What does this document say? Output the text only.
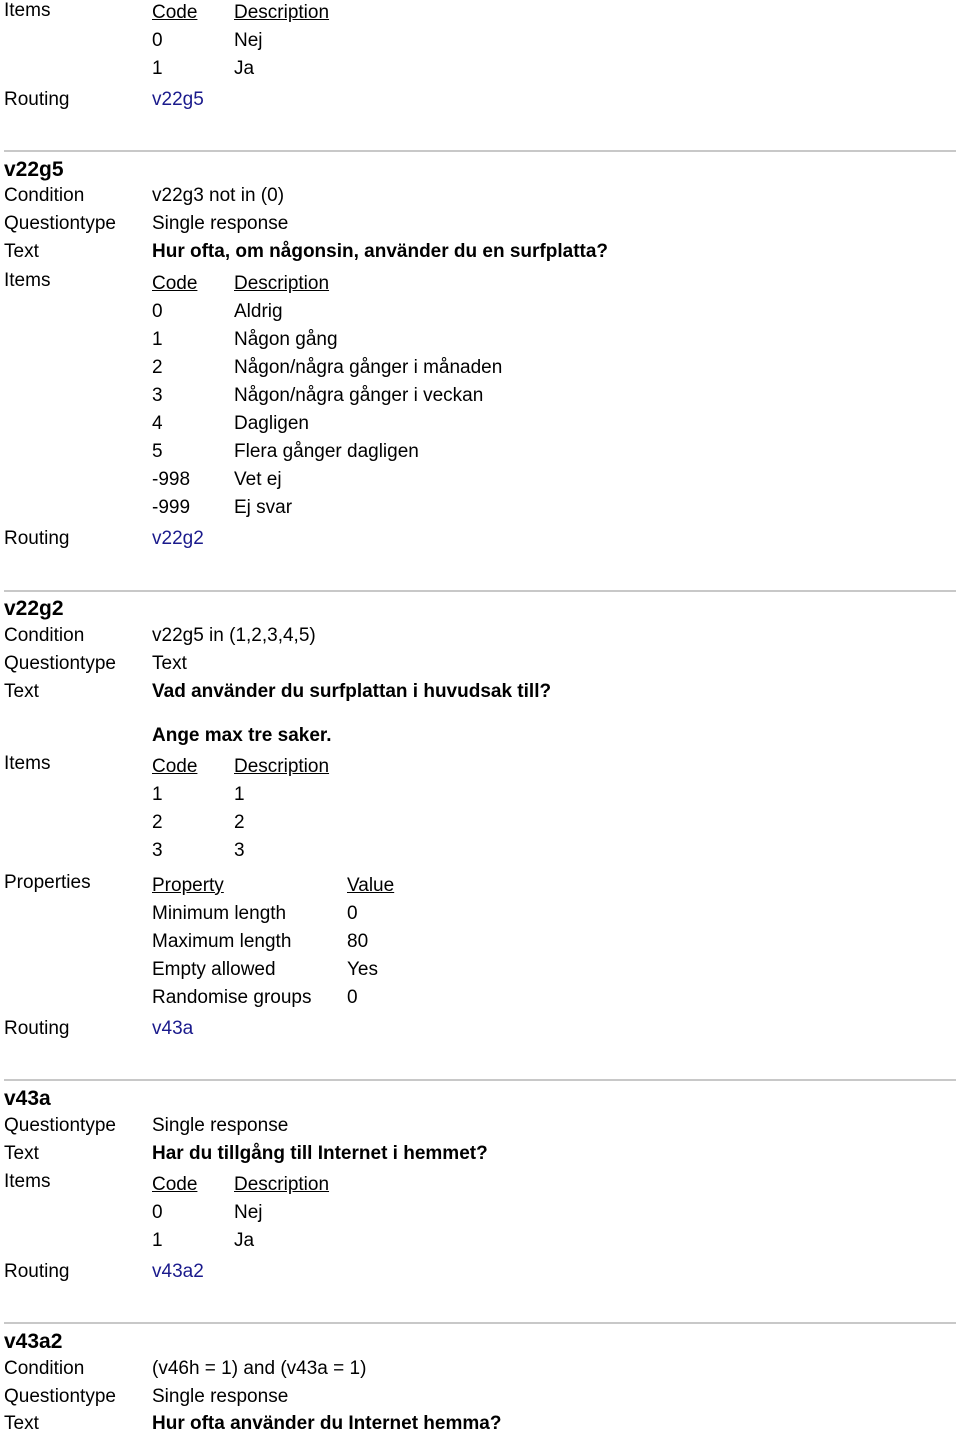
Items	Code Description
0	Nej
1	Ja
Routing	v22g5
v22g5
Condition	v22g3 not in (0)
Questiontype Single response
Text	Hur ofta, om någonsin, använder du en surfplatta?
Items	Code Description
0	Aldrig
1	Någon gång
2	Någon/några gånger i månaden
3	Någon/några gånger i veckan
4	Dagligen
5	Flera gånger dagligen
-998 Vet ej
-999 Ej svar
Routing	v22g2
v22g2
Condition	v22g5 in (1,2,3,4,5)
Questiontype Text
Text	Vad använder du surfplattan i huvudsak till?
Ange max tre saker.
Items	Code Description
1	1
2	2
3	3
Properties	Property	Value
Minimum length	0
Maximum length	80
Empty allowed	Yes
Randomise groups 0
Routing	v43a
v43a
Questiontype Single response
Text	Har du tillgång till Internet i hemmet?
Items	Code Description
0	Nej
1	Ja
Routing	v43a2
v43a2
Condition	(v46h = 1) and (v43a = 1)
Questiontype Single response
Text	Hur ofta använder du Internet hemma?
